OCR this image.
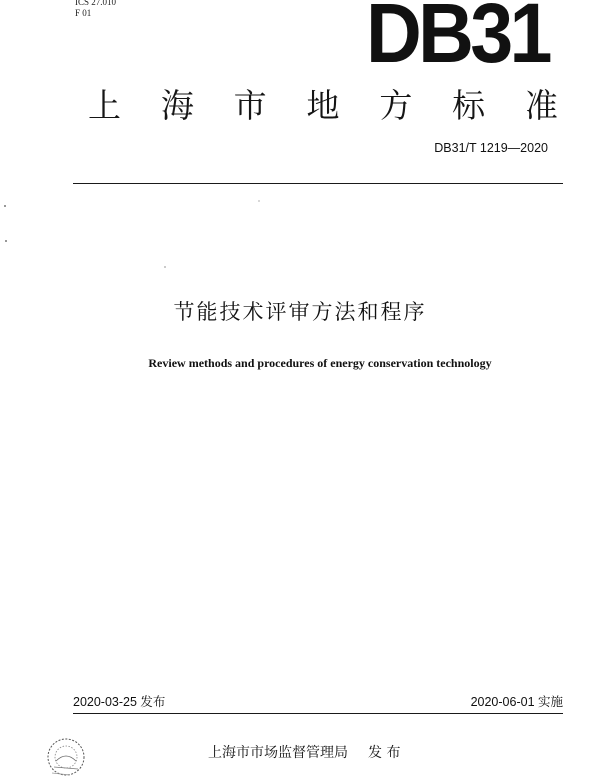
ICS 27.010
F 01	DB31
上 海 市 地 方 标 准
DB31/T 1219—2020
节能技术评审方法和程序
Review methods and procedures of energy conservation technology
2020-03-25 发布	2020-06-01 实施
上海市市场监督管理局 发 布
